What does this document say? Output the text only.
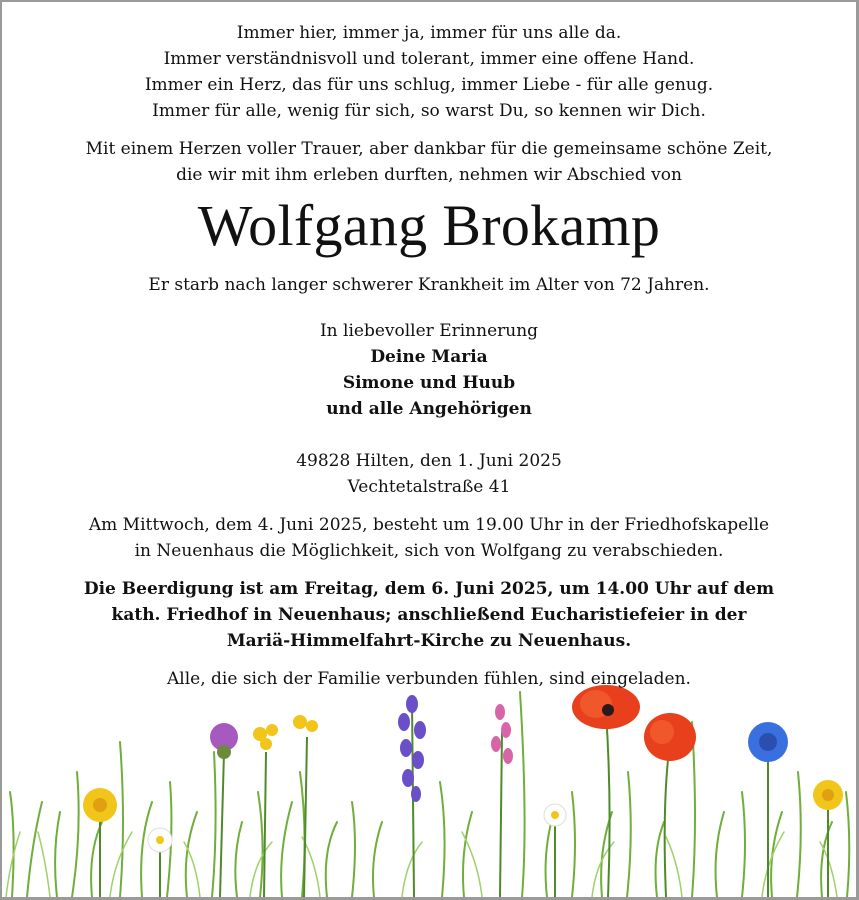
Immer hier, immer ja, immer für uns alle da.

Immer verständnisvoll und tolerant, immer eine offene Hand.

Immer ein Herz, das für uns schlug, immer Liebe - für alle genug.

Immer für alle, wenig für sich, so warst Du, so kennen wir Dich.

Mit einem Herzen voller Trauer, aber dankbar für die gemeinsame schöne Zeit,

die wir mit ihm erleben durften, nehmen wir Abschied von

Wolfgang Brokamp

Er starb nach langer schwerer Krankheit im Alter von 72 Jahren.

In liebevoller Erinnerung

Deine Maria

Simone und Huub

und alle Angehörigen

49828 Hilten, den 1. Juni 2025

Vechtetalstraße 41

Am Mittwoch, dem 4. Juni 2025, besteht um 19.00 Uhr in der Friedhofskapelle

in Neuenhaus die Möglichkeit, sich von Wolfgang zu verabschieden.

Die Beerdigung ist am Freitag, dem 6. Juni 2025, um 14.00 Uhr auf dem

kath. Friedhof in Neuenhaus; anschließend Eucharistiefeier in der

Mariä-Himmelfahrt-Kirche zu Neuenhaus.

Alle, die sich der Familie verbunden fühlen, sind eingeladen.
